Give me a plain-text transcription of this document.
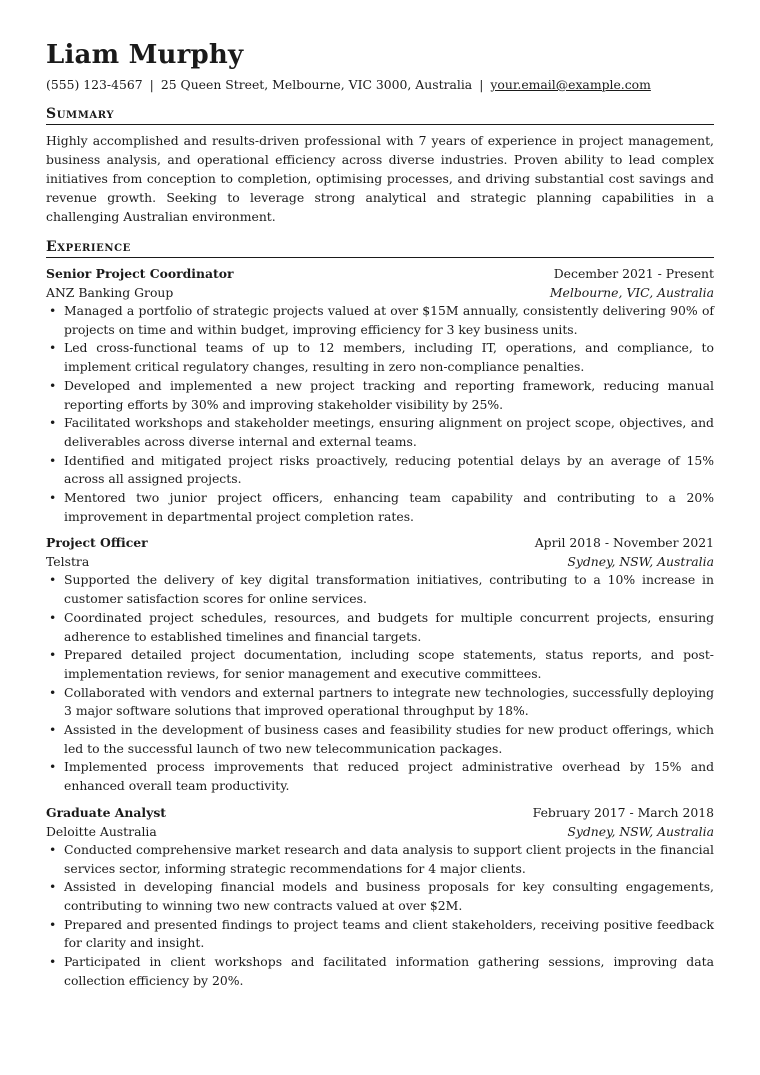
Liam Murphy
(555) 123-4567 | 25 Queen Street, Melbourne, VIC 3000, Australia | your.email@example.com
Summary

Highly accomplished and results-driven professional with 7 years of experience in project management, business analysis, and operational efficiency across diverse industries. Proven ability to lead complex initiatives from conception to completion, optimising processes, and driving substantial cost savings and revenue growth. Seeking to leverage strong analytical and strategic planning capabilities in a challenging Australian environment.

Experience
Senior Project Coordinator	December 2021 - Present
ANZ Banking Group	Melbourne, VIC, Australia
• Managed a portfolio of strategic projects valued at over $15M annually, consistently delivering 90% of projects on time and within budget, improving efficiency for 3 key business units.
• Led cross-functional teams of up to 12 members, including IT, operations, and compliance, to implement critical regulatory changes, resulting in zero non-compliance penalties.
• Developed and implemented a new project tracking and reporting framework, reducing manual reporting efforts by 30% and improving stakeholder visibility by 25%.
• Facilitated workshops and stakeholder meetings, ensuring alignment on project scope, objectives, and deliverables across diverse internal and external teams.
• Identified and mitigated project risks proactively, reducing potential delays by an average of 15% across all assigned projects.
• Mentored two junior project officers, enhancing team capability and contributing to a 20% improvement in departmental project completion rates.
Project Officer	April 2018 - November 2021
Telstra	Sydney, NSW, Australia
• Supported the delivery of key digital transformation initiatives, contributing to a 10% increase in customer satisfaction scores for online services.
• Coordinated project schedules, resources, and budgets for multiple concurrent projects, ensuring adherence to established timelines and financial targets.
• Prepared detailed project documentation, including scope statements, status reports, and post-implementation reviews, for senior management and executive committees.
• Collaborated with vendors and external partners to integrate new technologies, successfully deploying 3 major software solutions that improved operational throughput by 18%.
• Assisted in the development of business cases and feasibility studies for new product offerings, which led to the successful launch of two new telecommunication packages.
• Implemented process improvements that reduced project administrative overhead by 15% and enhanced overall team productivity.
Graduate Analyst	February 2017 - March 2018
Deloitte Australia	Sydney, NSW, Australia
• Conducted comprehensive market research and data analysis to support client projects in the financial services sector, informing strategic recommendations for 4 major clients.
• Assisted in developing financial models and business proposals for key consulting engagements, contributing to winning two new contracts valued at over $2M.
• Prepared and presented findings to project teams and client stakeholders, receiving positive feedback for clarity and insight.
• Participated in client workshops and facilitated information gathering sessions, improving data collection efficiency by 20%.
